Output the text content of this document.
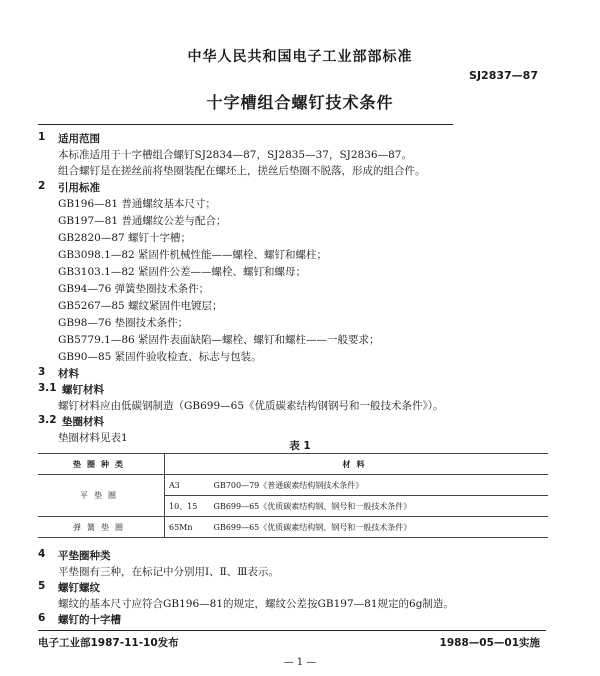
中华人民共和国电子工业部部标准
SJ2837—87
十字槽组合螺钉技术条件
1 适用范围
本标准适用于十字槽组合螺钉SJ2834—87，SJ2835—37，SJ2836—87。
组合螺钉是在搓丝前将垫圈装配在螺坯上，搓丝后垫圈不脱落，形成的组合件。
2 引用标准
GB196—81 普通螺纹基本尺寸；
GB197—81 普通螺纹公差与配合；
GB2820—87 螺钉十字槽；
GB3098.1—82 紧固件机械性能——螺栓、螺钉和螺柱；
GB3103.1—82 紧固件公差——螺栓、螺钉和螺母；
GB94—76 弹簧垫圈技术条件；
GB5267—85 螺纹紧固件电镀层；
GB98—76 垫圈技术条件；
GB5779.1—86 紧固件表面缺陷—螺栓、螺钉和螺柱——一般要求；
GB90—85 紧固件验收检查、标志与包装。
3 材料
3.1 螺钉材料
螺钉材料应由低碳钢制造（GB699—65《优质碳素结构钢钢号和一般技术条件》）。
3.2 垫圈材料
垫圈材料见表1
表 1
垫圈种类	材料
平垫圈	A3 GB700—79《普通碳素结构钢技术条件》
	10、15 GB699—65《优质碳素结构钢、钢号和一般技术条件》
弹簧垫圈	65Mn GB699—65《优质碳素结构钢、钢号和一般技术条件》
4 平垫圈种类
平垫圈有三种，在标记中分别用Ⅰ、Ⅱ、Ⅲ表示。
5 螺钉螺纹
螺纹的基本尺寸应符合GB196—81的规定，螺纹公差按GB197—81规定的6g制造。
6 螺钉的十字槽
电子工业部1987-11-10发布	1988—05—01实施
— 1 —
